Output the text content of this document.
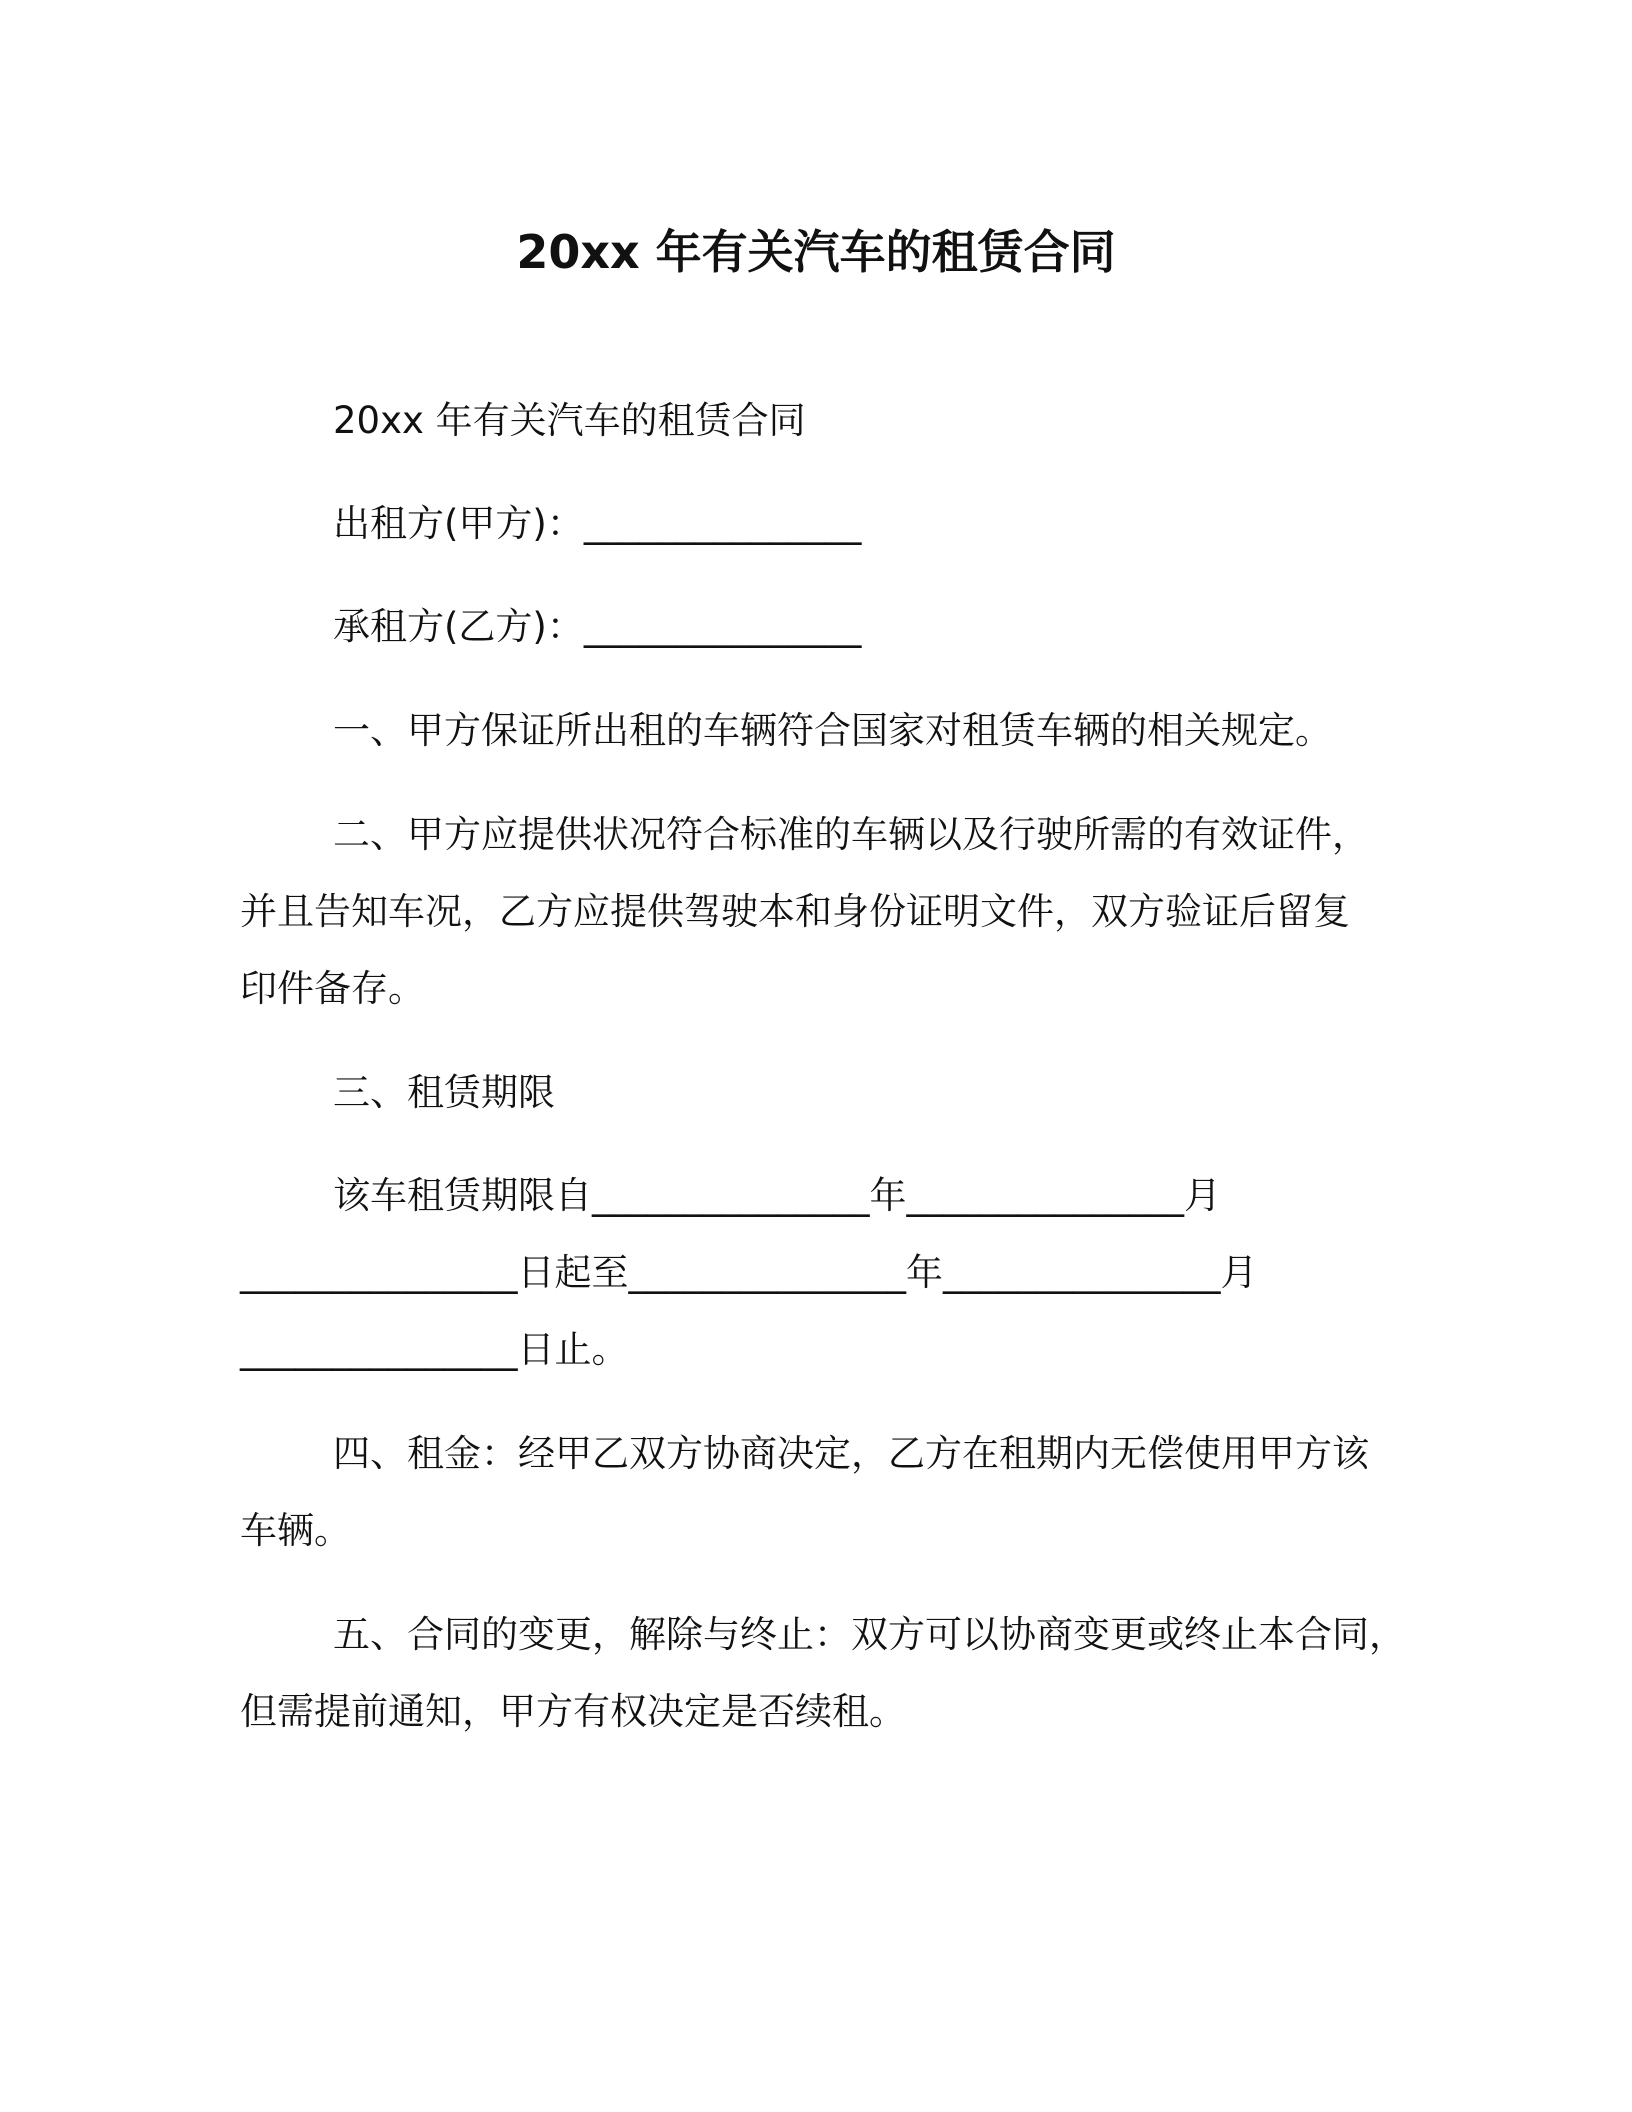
20xx 年有关汽车的租赁合同
20xx 年有关汽车的租赁合同
出租方(甲方)：_______________
承租方(乙方)：_______________
一、甲方保证所出租的车辆符合国家对租赁车辆的相关规定。
二、甲方应提供状况符合标准的车辆以及行驶所需的有效证件，
并且告知车况，乙方应提供驾驶本和身份证明文件，双方验证后留复
印件备存。
三、租赁期限
该车租赁期限自_______________年_______________月
_______________日起至_______________年_______________月
_______________日止。
四、租金：经甲乙双方协商决定，乙方在租期内无偿使用甲方该
车辆。
五、合同的变更，解除与终止：双方可以协商变更或终止本合同，
但需提前通知，甲方有权决定是否续租。
